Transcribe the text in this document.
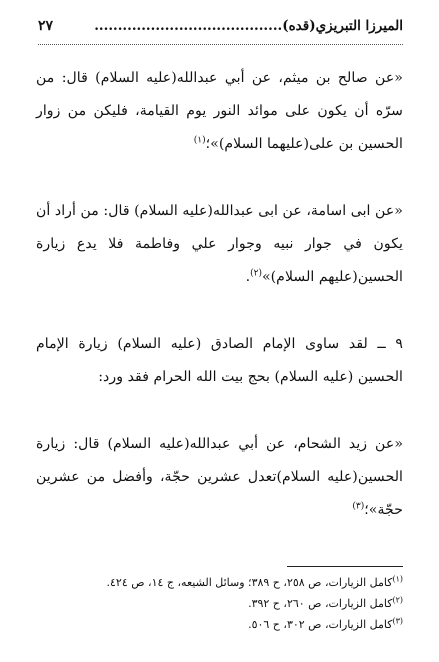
الميرزا التبريزي(قده)........................................
٢٧

«عن صالح بن ميثم، عن أبي عبدالله(عليه السلام) قال: من سرّه أن يكون على موائد النور يوم القيامة، فليكن من زوار الحسين بن على(عليهما السلام)»؛$^{(١)}$

«عن ابى اسامة، عن ابى عبدالله(عليه السلام) قال: من أراد أن يكون في جوار نبيه وجوار علي وفاطمة فلا يدع زيارة الحسين(عليهم السلام)»$^{(٢)}$.

٩ ــ لقد ساوى الإمام الصادق (عليه السلام) زيارة الإمام الحسين (عليه السلام) بحج بيت الله الحرام فقد ورد:

«عن زيد الشحام، عن أبي عبدالله(عليه السلام) قال: زيارة الحسين(عليه السلام)تعدل عشرين حجّة، وأفضل من عشرين حجّة»؛$^{(٣)}$

$^{(١)}$كامل الزيارات، ص ٢٥٨، ح ٣٨٩؛ وسائل الشيعه، ج ١٤، ص ٤٢٤.

$^{(٢)}$كامل الزيارات، ص ٢٦٠، ح ٣٩٢.

$^{(٣)}$كامل الزيارات، ص ٣٠٢، ح ٥٠٦.
